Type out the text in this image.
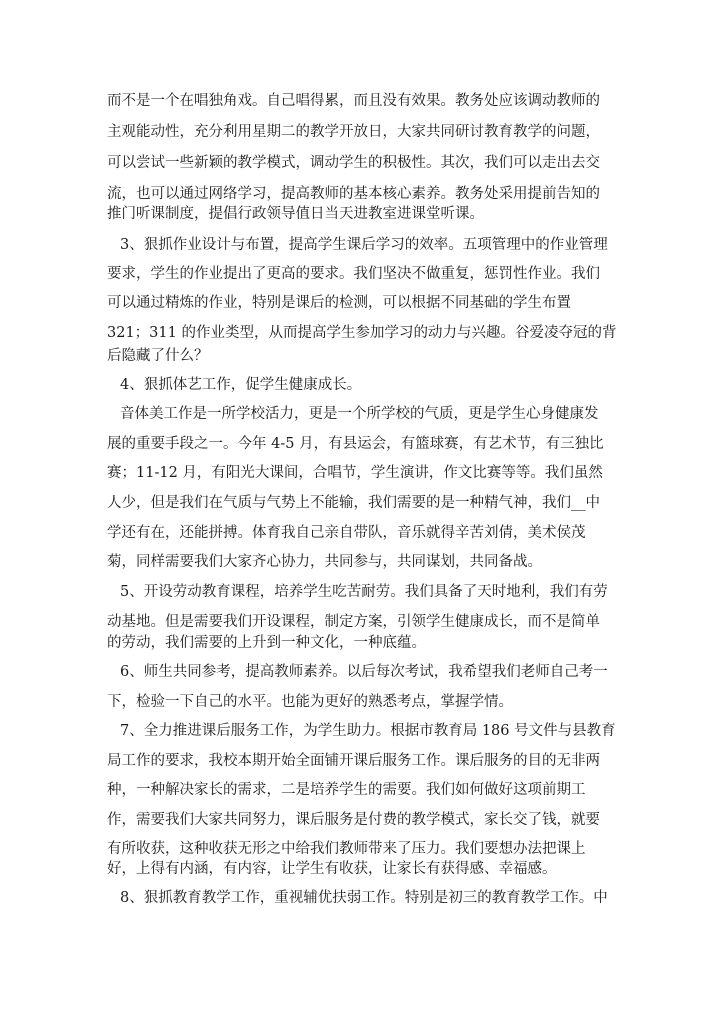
而不是一个在唱独角戏。自己唱得累，而且没有效果。教务处应该调动教师的
主观能动性，充分利用星期二的教学开放日，大家共同研讨教育教学的问题，
可以尝试一些新颖的教学模式，调动学生的积极性。其次，我们可以走出去交
流，也可以通过网络学习，提高教师的基本核心素养。教务处采用提前告知的
推门听课制度，提倡行政领导值日当天进教室进课堂听课。
3、狠抓作业设计与布置，提高学生课后学习的效率。五项管理中的作业管理
要求，学生的作业提出了更高的要求。我们坚决不做重复，惩罚性作业。我们
可以通过精炼的作业，特别是课后的检测，可以根据不同基础的学生布置
321；311 的作业类型，从而提高学生参加学习的动力与兴趣。谷爱凌夺冠的背
后隐藏了什么？
4、狠抓体艺工作，促学生健康成长。
音体美工作是一所学校活力，更是一个所学校的气质，更是学生心身健康发
展的重要手段之一。今年 4-5 月，有县运会，有篮球赛，有艺术节，有三独比
赛；11-12 月，有阳光大课间，合唱节，学生演讲，作文比赛等等。我们虽然
人少，但是我们在气质与气势上不能输，我们需要的是一种精气神，我们__中
学还有在，还能拼搏。体育我自己亲自带队，音乐就得辛苦刘倩，美术侯茂
菊，同样需要我们大家齐心协力，共同参与，共同谋划，共同备战。
5、开设劳动教育课程，培养学生吃苦耐劳。我们具备了天时地利，我们有劳
动基地。但是需要我们开设课程，制定方案，引领学生健康成长，而不是简单
的劳动，我们需要的上升到一种文化，一种底蕴。
6、师生共同参考，提高教师素养。以后每次考试，我希望我们老师自己考一
下，检验一下自己的水平。也能为更好的熟悉考点，掌握学情。
7、全力推进课后服务工作，为学生助力。根据市教育局 186 号文件与县教育
局工作的要求，我校本期开始全面铺开课后服务工作。课后服务的目的无非两
种，一种解决家长的需求，二是培养学生的需要。我们如何做好这项前期工
作，需要我们大家共同努力，课后服务是付费的教学模式，家长交了钱，就要
有所收获，这种收获无形之中给我们教师带来了压力。我们要想办法把课上
好，上得有内涵，有内容，让学生有收获，让家长有获得感、幸福感。
8、狠抓教育教学工作，重视辅优扶弱工作。特别是初三的教育教学工作。中
